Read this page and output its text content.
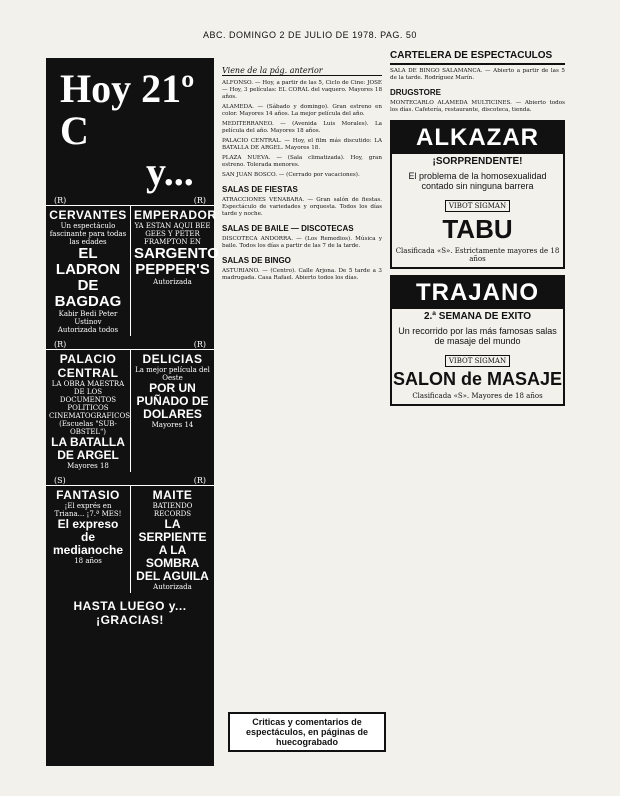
ABC. DOMINGO 2 DE JULIO DE 1978. PAG. 50
Hoy 21º C
y...
(R)	(R)
CERVANTES
Un espectáculo fascinante para todas las edades
EL LADRON DE BAGDAG
Kabir Bedi Peter Ustinov
Autorizada todos
EMPERADOR
YA ESTAN AQUI BEE GEES Y PETER FRAMPTON EN
SARGENTO PEPPER'S
Autorizada
(R)	(R)
PALACIO CENTRAL
LA OBRA MAESTRA DE LOS DOCUMENTOS POLITICOS CINEMATOGRAFICOS (Escuelas "SUB-OBSTEL")
LA BATALLA DE ARGEL
Mayores 18
DELICIAS
La mejor película del Oeste
POR UN PUÑADO DE DOLARES
Mayores 14
(S)	(R)
FANTASIO
¡El exprés en Triana... ¡7.ª MES!
El expreso de medianoche
18 años
MAITE
BATIENDO RECORDS
LA SERPIENTE A LA SOMBRA DEL AGUILA
Autorizada
HASTA LUEGO y... ¡GRACIAS!
Viene de la pág. anterior
ALFONSO. — Hoy, a partir de las 5, Ciclo de Cine: JOSE — Hoy, 3 películas: EL CORAL del vaquero. Mayores 18 años.
ALAMEDA. — (Sábado y domingo). Gran estreno en color. Mayores 14 años. La mejor película del año.
MEDITERRANEO. — (Avenida Luis Morales). La película del año. Mayores 18 años.
PALACIO CENTRAL. — Hoy, el film más discutido: LA BATALLA DE ARGEL. Mayores 18.
PLAZA NUEVA. — (Sala climatizada). Hoy, gran estreno. Tolerada menores.
SAN JUAN BOSCO. — (Cerrado por vacaciones).
SALAS DE FIESTAS
ATRACCIONES VENABARA. — Gran salón de fiestas. Espectáculo de variedades y orquesta. Todos los días tarde y noche.
SALAS DE BAILE — DISCOTECAS
DISCOTECA ANDORRA. — (Los Remedios). Música y baile. Todos los días a partir de las 7 de la tarde.
SALAS DE BINGO
ASTURIANO. — (Centro). Calle Arjona. De 5 tarde a 3 madrugada. Casa Rafael. Abierto todos los días.
Criticas y comentarios de espectáculos, en páginas de huecograbado
CARTELERA DE ESPECTACULOS
SALA DE BINGO SALAMANCA. — Abierto a partir de las 5 de la tarde. Rodríguez Marín.
DRUGSTORE
MONTECARLO ALAMEDA MULTICINES. — Abierto todos los días. Cafetería, restaurante, discoteca, tienda.
ALKAZAR
¡SORPRENDENTE!
El problema de la homosexualidad contado sin ninguna barrera
VIBOT SIGMAN
TABU
Clasificada «S». Estrictamente mayores de 18 años
TRAJANO
2.ª SEMANA DE EXITO
Un recorrido por las más famosas salas de masaje del mundo
VIBOT SIGMAN
SALON de MASAJE
Clasificada «S». Mayores de 18 años
